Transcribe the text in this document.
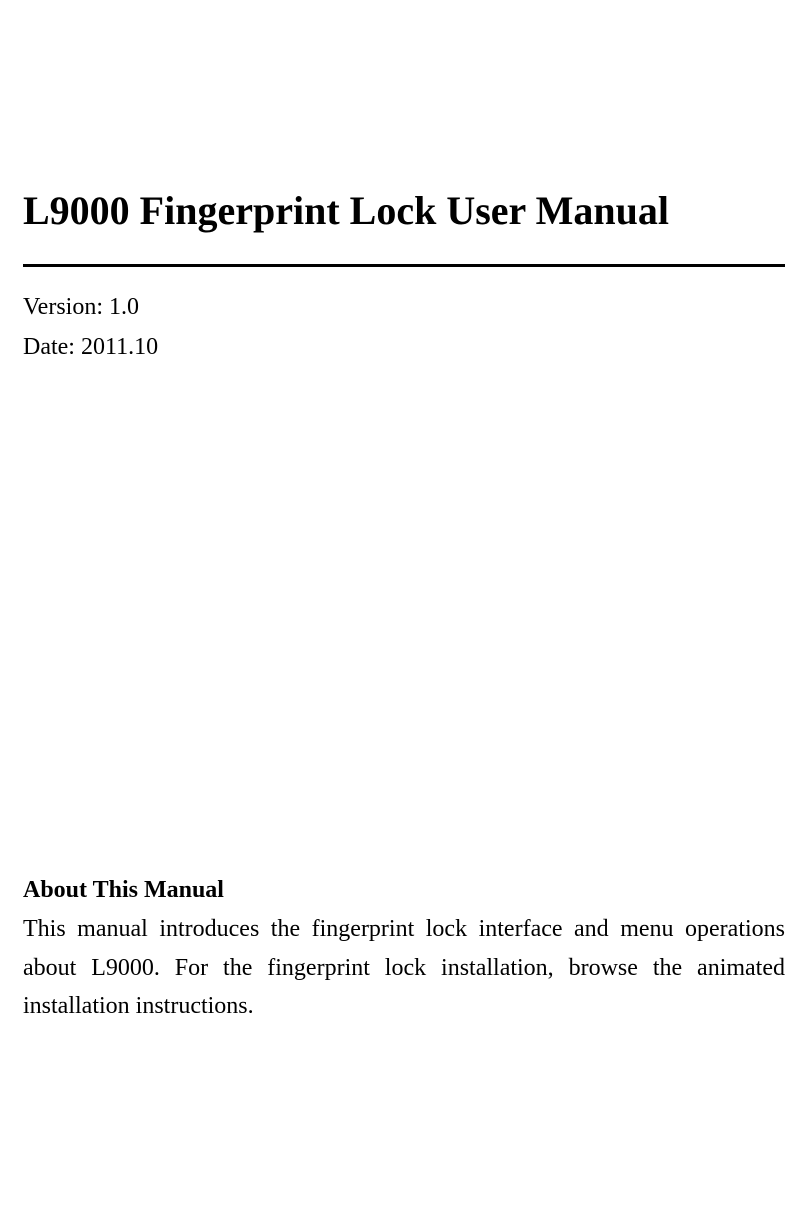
L9000 Fingerprint Lock User Manual

Version: 1.0

Date: 2011.10

About This Manual

This manual introduces the fingerprint lock interface and menu operations about L9000. For the fingerprint lock installation, browse the animated installation instructions.
